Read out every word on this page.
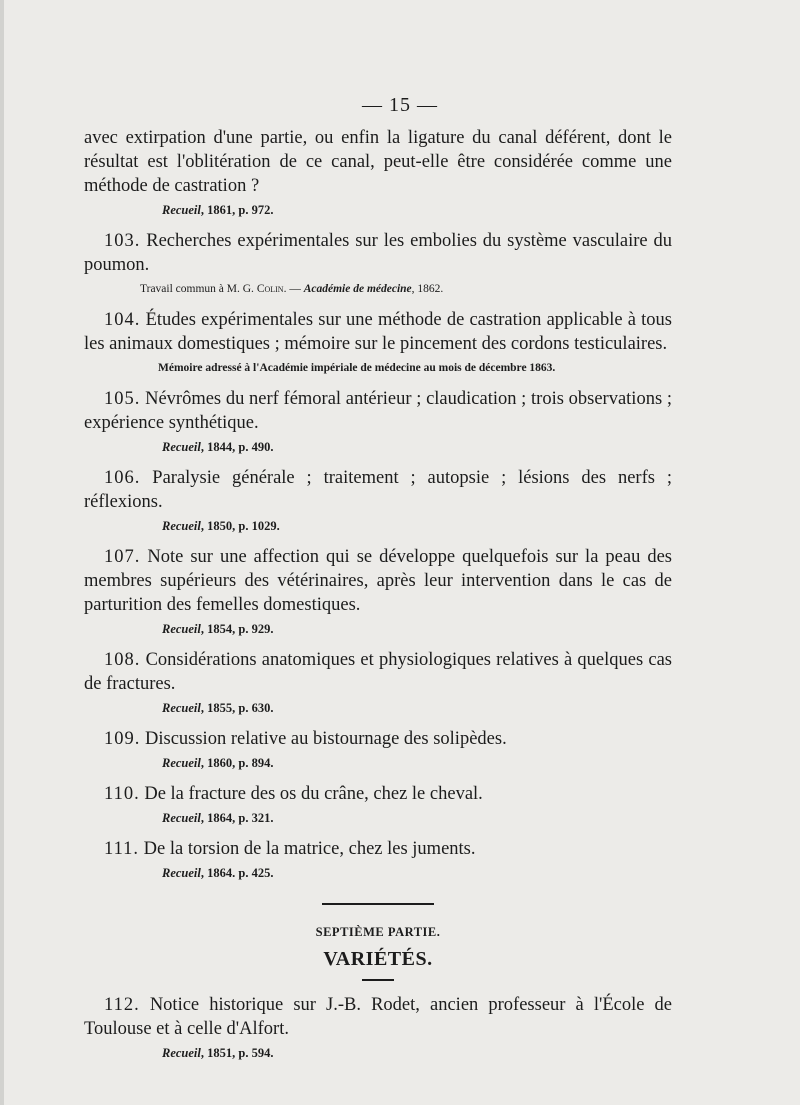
— 15 —

avec extirpation d'une partie, ou enfin la ligature du canal déférent, dont le résultat est l'oblitération de ce canal, peut-elle être considérée comme une méthode de castration ?

Recueil, 1861, p. 972.

103. Recherches expérimentales sur les embolies du système vasculaire du poumon.

Travail commun à M. G. Colin. — Académie de médecine, 1862.

104. Études expérimentales sur une méthode de castration applicable à tous les animaux domestiques ; mémoire sur le pincement des cordons testiculaires.

Mémoire adressé à l'Académie impériale de médecine au mois de décembre 1863.

105. Névrômes du nerf fémoral antérieur ; claudication ; trois observations ; expérience synthétique.

Recueil, 1844, p. 490.

106. Paralysie générale ; traitement ; autopsie ; lésions des nerfs ; réflexions.

Recueil, 1850, p. 1029.

107. Note sur une affection qui se développe quelquefois sur la peau des membres supérieurs des vétérinaires, après leur intervention dans le cas de parturition des femelles domestiques.

Recueil, 1854, p. 929.

108. Considérations anatomiques et physiologiques relatives à quelques cas de fractures.

Recueil, 1855, p. 630.

109. Discussion relative au bistournage des solipèdes.

Recueil, 1860, p. 894.

110. De la fracture des os du crâne, chez le cheval.

Recueil, 1864, p. 321.

111. De la torsion de la matrice, chez les juments.

Recueil, 1864. p. 425.
SEPTIÈME PARTIE.
VARIÉTÉS.

112. Notice historique sur J.-B. Rodet, ancien professeur à l'École de Toulouse et à celle d'Alfort.

Recueil, 1851, p. 594.
